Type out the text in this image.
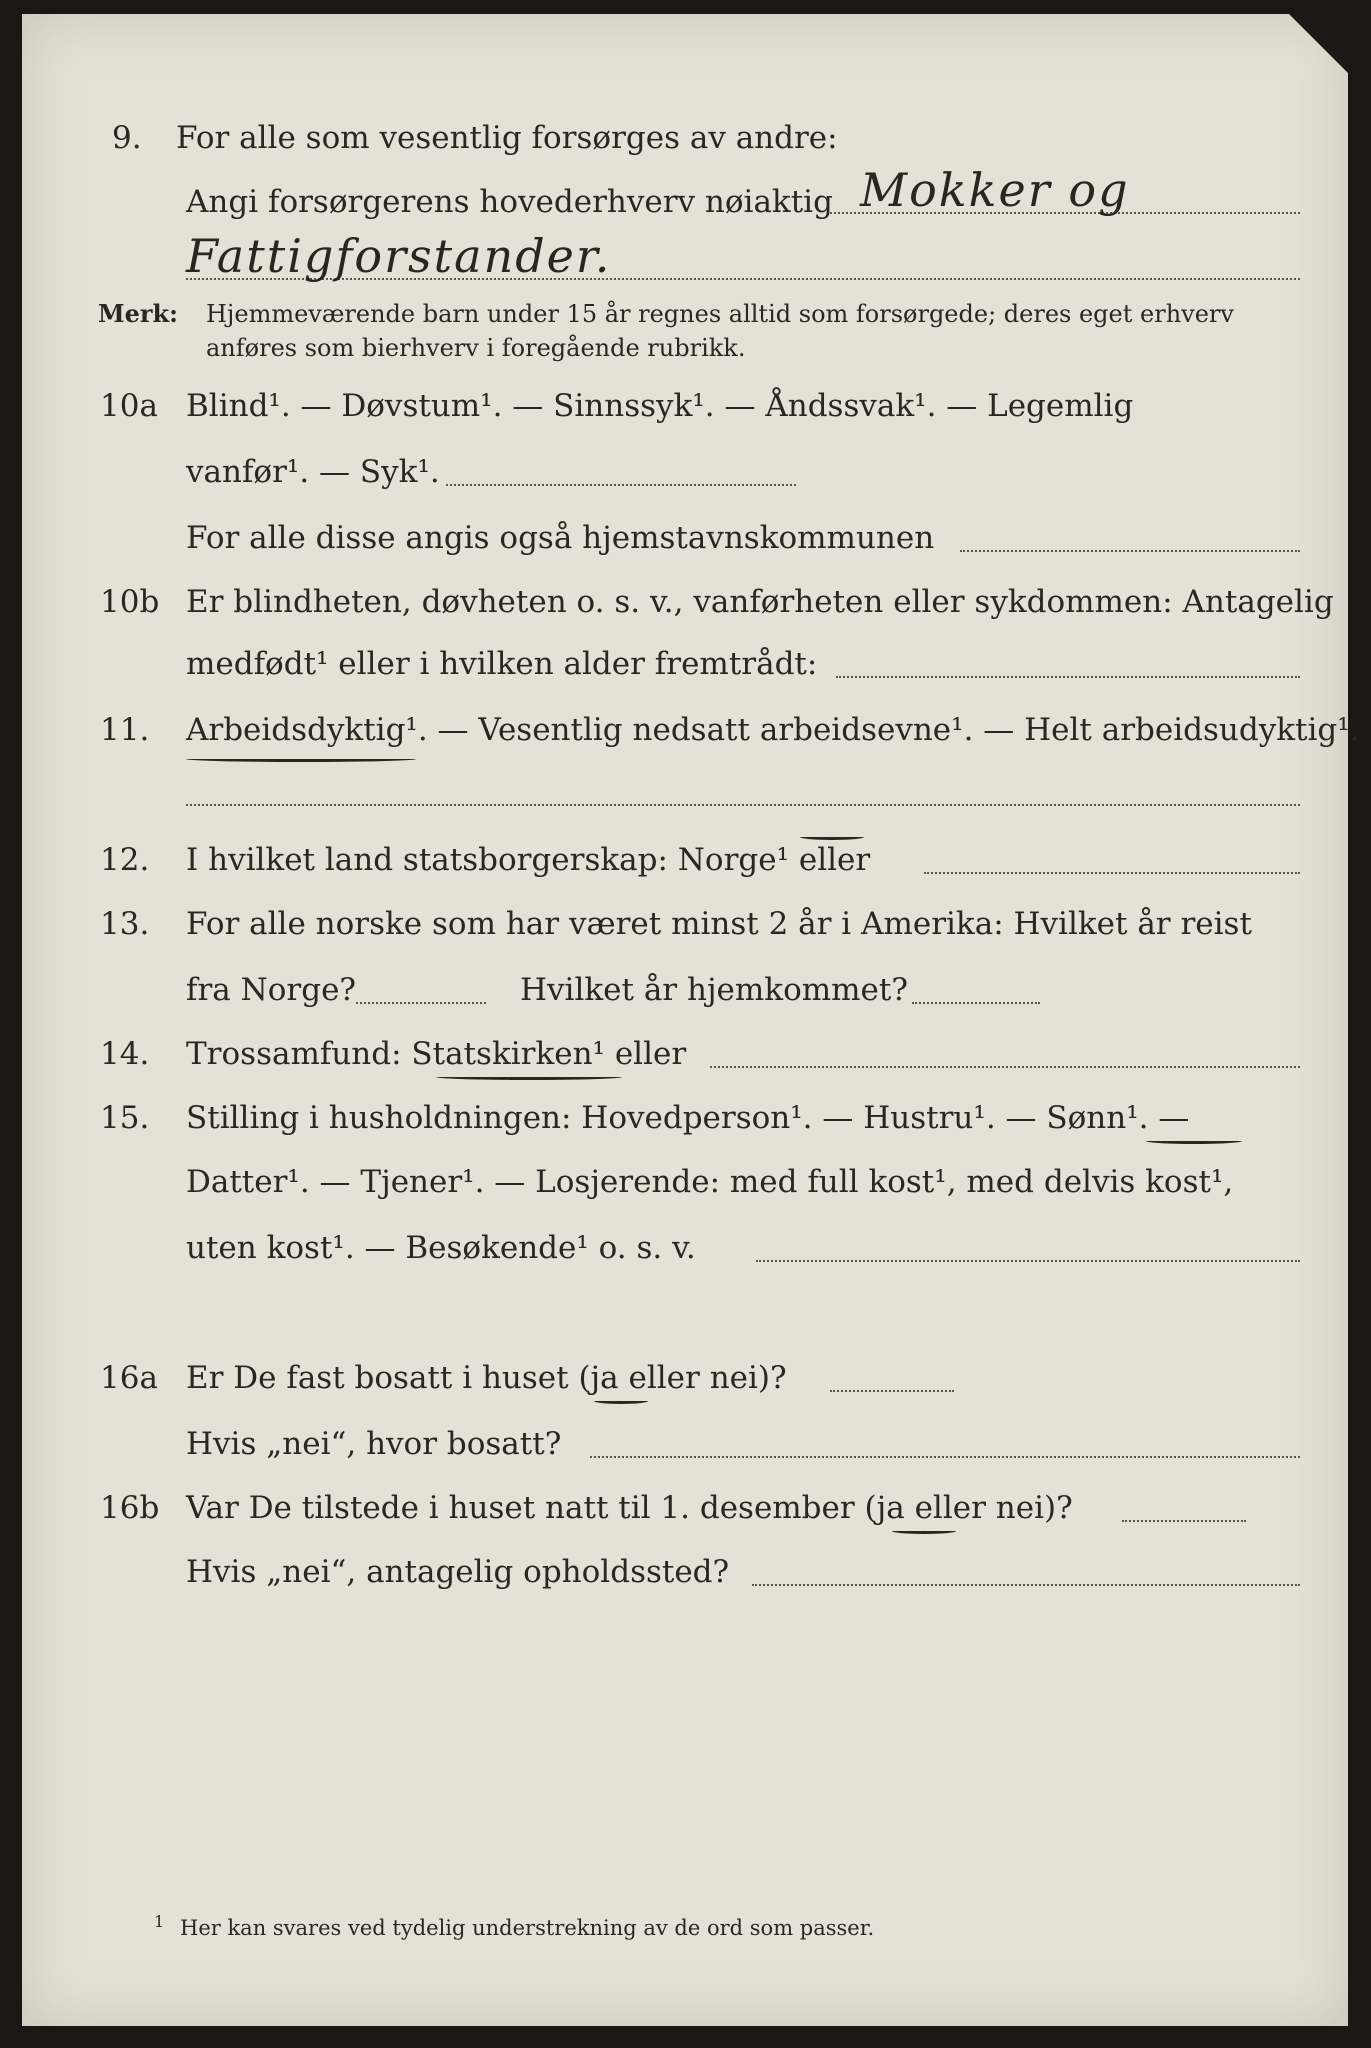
9. For alle som vesentlig forsørges av andre:
Angi forsørgerens hovederhverv nøiaktig Mokker og
Fattigforstander.
Merk: Hjemmeværende barn under 15 år regnes alltid som forsørgede; deres eget erhverv
anføres som bierhverv i foregående rubrikk.
10a Blind¹. — Døvstum¹. — Sinnssyk¹. — Åndssvak¹. — Legemlig
vanfør¹. — Syk¹.
For alle disse angis også hjemstavnskommunen
10b Er blindheten, døvheten o. s. v., vanførheten eller sykdommen: Antagelig
medfødt¹ eller i hvilken alder fremtrådt:
11. Arbeidsdyktig¹. — Vesentlig nedsatt arbeidsevne¹. — Helt arbeidsudyktig¹.
12. I hvilket land statsborgerskap: Norge¹ eller
13. For alle norske som har været minst 2 år i Amerika: Hvilket år reist
fra Norge?	Hvilket år hjemkommet?
14. Trossamfund: Statskirken¹ eller
15. Stilling i husholdningen: Hovedperson¹. — Hustru¹. — Sønn¹. —
Datter¹. — Tjener¹. — Losjerende: med full kost¹, med delvis kost¹,
uten kost¹. — Besøkende¹ o. s. v.
16a Er De fast bosatt i huset (ja eller nei)?
Hvis „nei“, hvor bosatt?
16b Var De tilstede i huset natt til 1. desember (ja eller nei)?
Hvis „nei“, antagelig opholdssted?
1 Her kan svares ved tydelig understrekning av de ord som passer.
